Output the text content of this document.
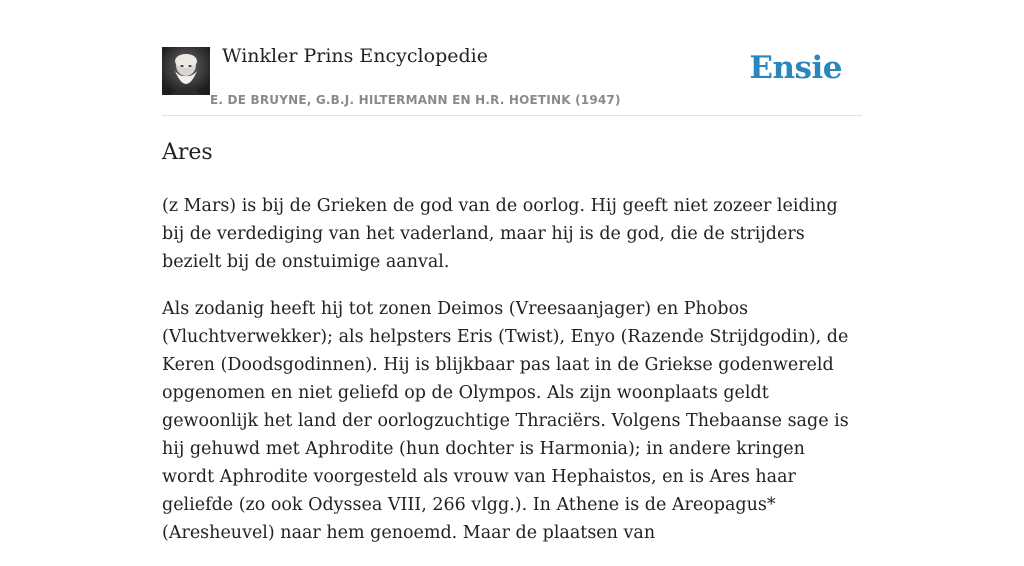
Winkler Prins Encyclopedie
E. DE BRUYNE, G.B.J. HILTERMANN EN H.R. HOETINK (1947)
Ensie
Ares

(z Mars) is bij de Grieken de god van de oorlog. Hij geeft niet zozeer leiding bij de verdediging van het vaderland, maar hij is de god, die de strijders bezielt bij de onstuimige aanval.

Als zodanig heeft hij tot zonen Deimos (Vreesaanjager) en Phobos (Vluchtverwekker); als helpsters Eris (Twist), Enyo (Razende Strijdgodin), de Keren (Doodsgodinnen). Hij is blijkbaar pas laat in de Griekse godenwereld opgenomen en niet geliefd op de Olympos. Als zijn woonplaats geldt gewoonlijk het land der oorlogzuchtige Thraciërs. Volgens Thebaanse sage is hij gehuwd met Aphrodite (hun dochter is Harmonia); in andere kringen wordt Aphrodite voorgesteld als vrouw van Hephaistos, en is Ares haar geliefde (zo ook Odyssea VIII, 266 vlgg.). In Athene is de Areopagus* (Aresheuvel) naar hem genoemd. Maar de plaatsen van
